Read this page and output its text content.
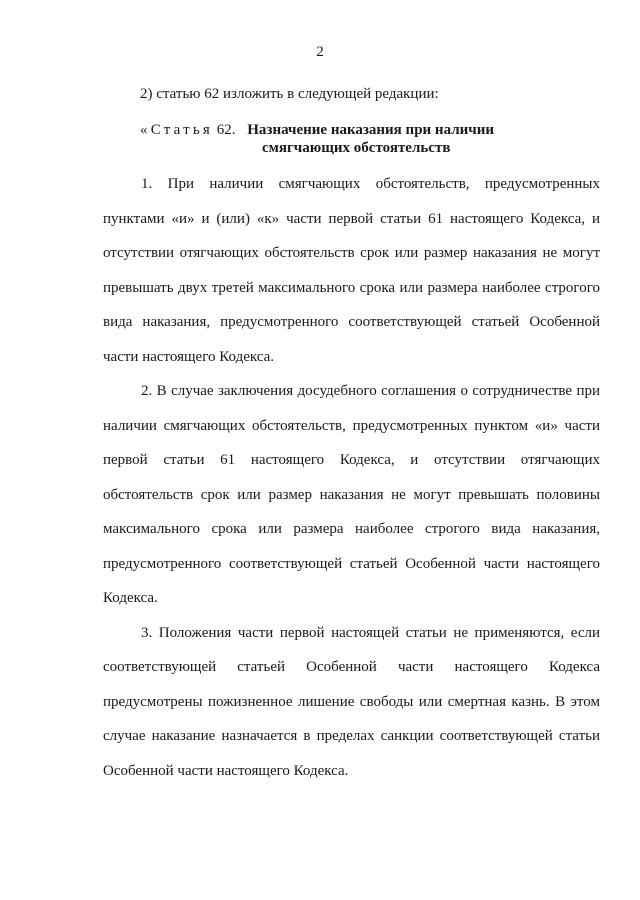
2
2) статью 62 изложить в следующей редакции:
«Статья 62. Назначение наказания при наличии
смягчающих обстоятельств

1. При наличии смягчающих обстоятельств, предусмотренных пунктами «и» и (или) «к» части первой статьи 61 настоящего Кодекса, и отсутствии отягчающих обстоятельств срок или размер наказания не могут превышать двух третей максимального срока или размера наиболее строгого вида наказания, предусмотренного соответствующей статьей Особенной части настоящего Кодекса.

2. В случае заключения досудебного соглашения о сотрудничестве при наличии смягчающих обстоятельств, предусмотренных пунктом «и» части первой статьи 61 настоящего Кодекса, и отсутствии отягчающих обстоятельств срок или размер наказания не могут превышать половины максимального срока или размера наиболее строгого вида наказания, предусмотренного соответствующей статьей Особенной части настоящего Кодекса.

3. Положения части первой настоящей статьи не применяются, если соответствующей статьей Особенной части настоящего Кодекса предусмотрены пожизненное лишение свободы или смертная казнь. В этом случае наказание назначается в пределах санкции соответствующей статьи Особенной части настоящего Кодекса.
